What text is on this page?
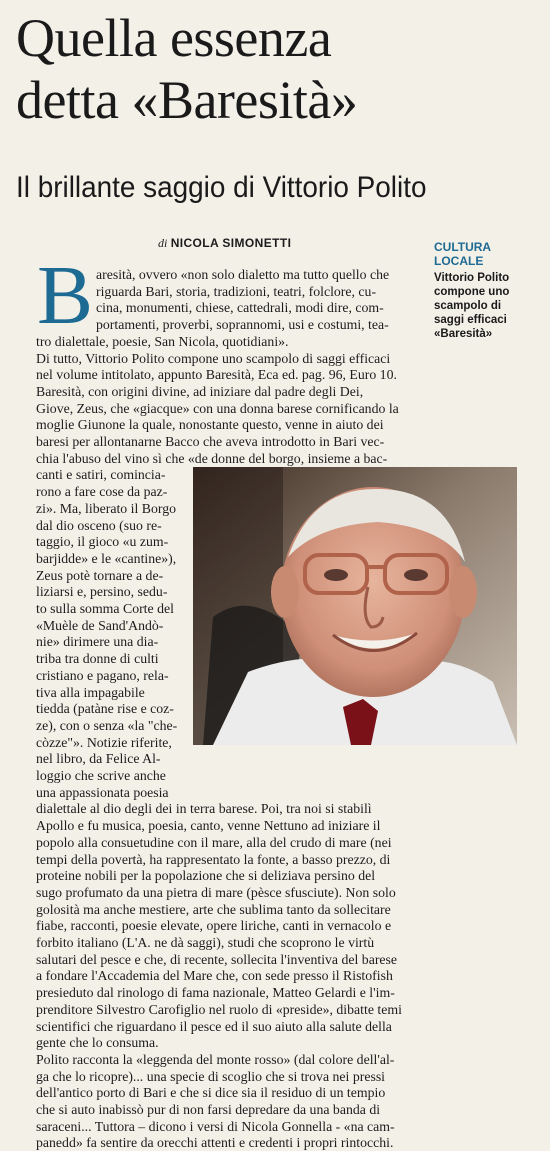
Quella essenza
detta «Baresità»
Il brillante saggio di Vittorio Polito
di NICOLA SIMONETTI	CULTURA
LOCALE
Vittorio Polito
compone uno
scampolo di
saggi efficaci
«Baresità»
B aresità, ovvero «non solo dialetto ma tutto quello che
riguarda Bari, storia, tradizioni, teatri, folclore, cu-
cina, monumenti, chiese, cattedrali, modi dire, com-
portamenti, proverbi, soprannomi, usi e costumi, tea-
tro dialettale, poesie, San Nicola, quotidiani».
Di tutto, Vittorio Polito compone uno scampolo di saggi efficaci
nel volume intitolato, appunto Baresità, Eca ed. pag. 96, Euro 10.
Baresità, con origini divine, ad iniziare dal padre degli Dei,
Giove, Zeus, che «giacque» con una donna barese cornificando la
moglie Giunone la quale, nonostante questo, venne in aiuto dei
baresi per allontanarne Bacco che aveva introdotto in Bari vec-
chia l'abuso del vino sì che «de donne del borgo, insieme a bac-
canti e satiri, comincia-
rono a fare cose da paz-
zi». Ma, liberato il Borgo
dal dio osceno (suo re-
taggio, il gioco «u zum-
barjidde» e le «cantine»),
Zeus potè tornare a de-
liziarsi e, persino, sedu-
to sulla somma Corte del
«Muèle de Sand'Andò-
nie» dirimere una dia-
triba tra donne di culti
cristiano e pagano, rela-
tiva alla impagabile
tiedda (patàne rise e coz-
ze), con o senza «la "che-
còzze"». Notizie riferite,
nel libro, da Felice Al-
loggio che scrive anche
una appassionata poesia
dialettale al dio degli dei in terra barese. Poi, tra noi si stabilì
Apollo e fu musica, poesia, canto, venne Nettuno ad iniziare il
popolo alla consuetudine con il mare, alla del crudo di mare (nei
tempi della povertà, ha rappresentato la fonte, a basso prezzo, di
proteine nobili per la popolazione che si deliziava persino del
sugo profumato da una pietra di mare (pèsce sfusciute). Non solo
golosità ma anche mestiere, arte che sublima tanto da sollecitare
fiabe, racconti, poesie elevate, opere liriche, canti in vernacolo e
forbito italiano (L'A. ne dà saggi), studi che scoprono le virtù
salutari del pesce e che, di recente, sollecita l'inventiva del barese
a fondare l'Accademia del Mare che, con sede presso il Ristofish
presieduto dal rinologo di fama nazionale, Matteo Gelardi e l'im-
prenditore Silvestro Carofiglio nel ruolo di «preside», dibatte temi
scientifici che riguardano il pesce ed il suo aiuto alla salute della
gente che lo consuma.
Polito racconta la «leggenda del monte rosso» (dal colore dell'al-
ga che lo ricopre)... una specie di scoglio che si trova nei pressi
dell'antico porto di Bari e che si dice sia il residuo di un tempio
che si auto inabissò pur di non farsi depredare da una banda di
saraceni... Tuttora – dicono i versi di Nicola Gonnella - «na cam-
panedd» fa sentire da orecchi attenti e credenti i propri rintocchi.
